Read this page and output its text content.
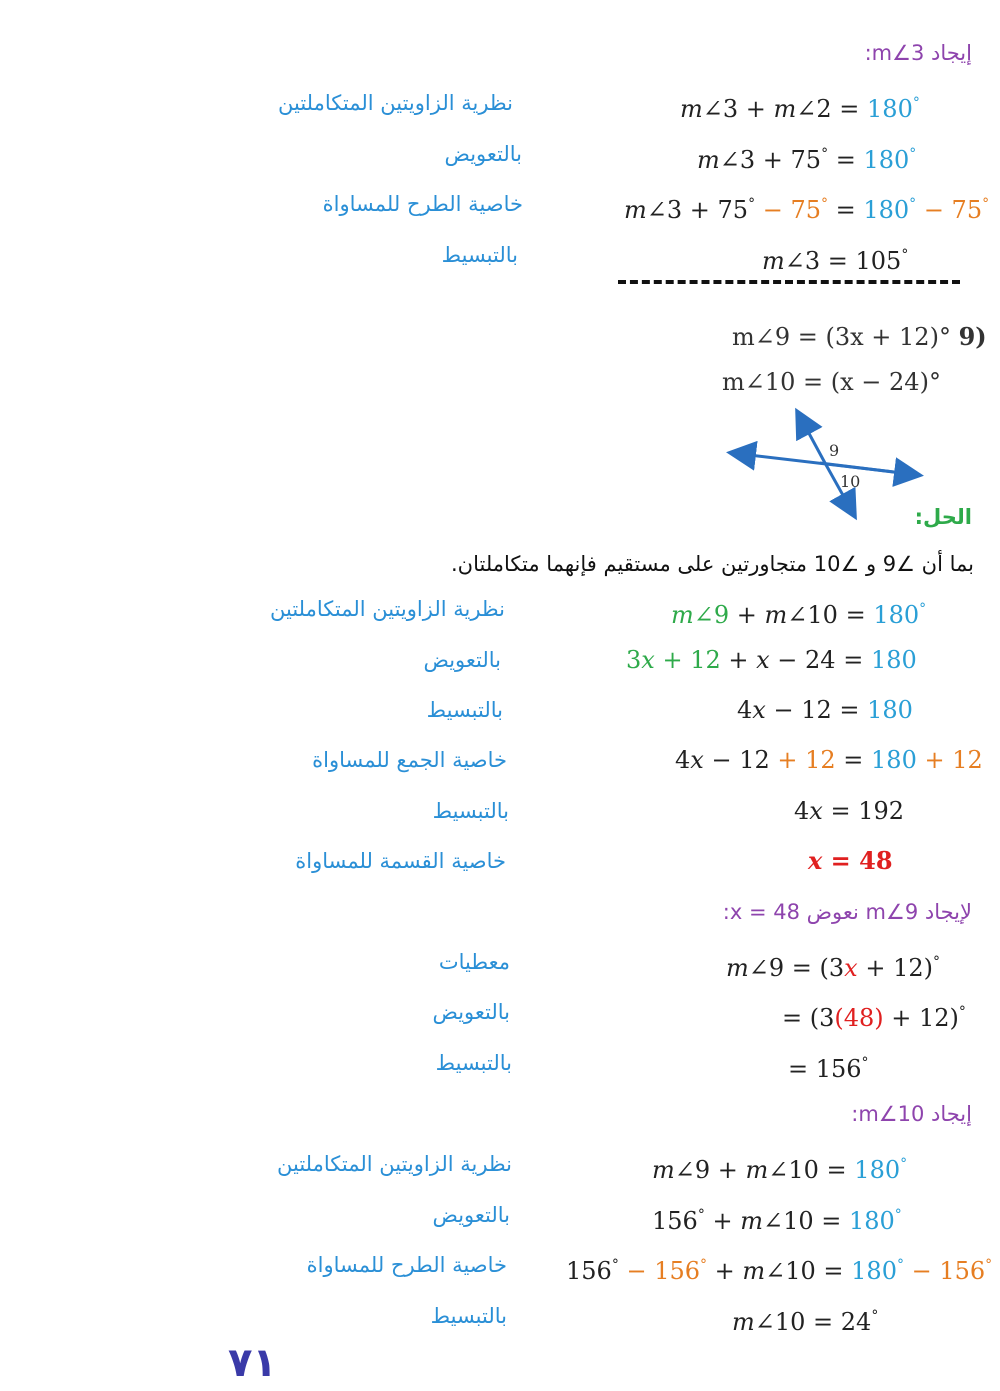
إيجاد m∠3:
m∠3 + m∠2 = 180°
نظرية الزاويتين المتكاملتين
m∠3 + 75° = 180°
بالتعويض
m∠3 + 75° − 75° = 180° − 75°
خاصية الطرح للمساواة
m∠3 = 105°
بالتبسيط
m∠9 = (3x + 12)° 9)
m∠10 = (x − 24)°
9
10
الحل:
بما أن ∠9 و ∠10 متجاورتين على مستقيم فإنهما متكاملتان.
m∠9 + m∠10 = 180°
نظرية الزاويتين المتكاملتين
3x + 12 + x − 24 = 180
بالتعويض
4x − 12 = 180
بالتبسيط
4x − 12 + 12 = 180 + 12
خاصية الجمع للمساواة
4x = 192
بالتبسيط
x = 48
خاصية القسمة للمساواة
لإيجاد m∠9 نعوض x = 48:
m∠9 = (3x + 12)°
معطيات
= (3(48) + 12)°
بالتعويض
= 156°
بالتبسيط
إيجاد m∠10:
m∠9 + m∠10 = 180°
نظرية الزاويتين المتكاملتين
156° + m∠10 = 180°
بالتعويض
156° − 156° + m∠10 = 180° − 156°
خاصية الطرح للمساواة
m∠10 = 24°
بالتبسيط
٧١
